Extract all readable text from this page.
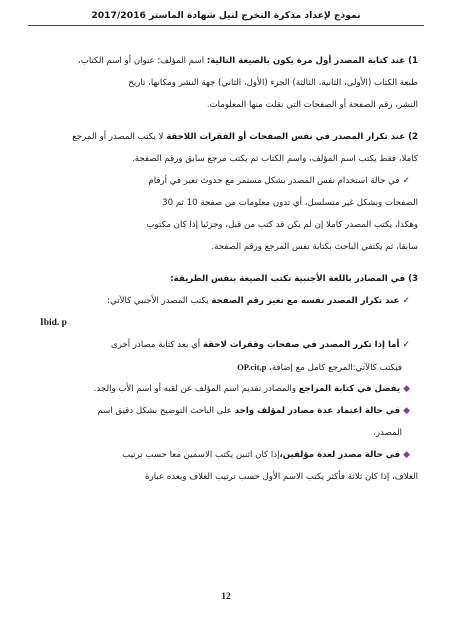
نموذج لإعداد مذكرة التخرج لنيل شهادة الماستر 2017/2016
1)عند كتابة المصدر أول مرة يكون بالصيغة التالية: اسم المؤلف؛ عنوان أو اسم الكتاب،
طبعة الكتاب (الأولى، الثانية، الثالثة) الجزء (الأول، الثاني) جهة النشر ومكانها، تاريخ
النشر، رقم الصفحة أو الصفحات التي نقلت منها المعلومات.
2)عند تكرار المصدر في نفس الصفحات أو الفقرات اللاحقة لا يكتب المصدر أو المرجع
كاملا، فقط يكتب اسم المؤلف، واسم الكتاب ثم يكتب مرجع سابق ورقم الصفحة.
✓في حالة استخدام نفس المصدر بشكل مستمر مع حدوث تغير في أرقام
الصفحات وبشكل غير متسلسل، أي تدون معلومات من صفحة 10 ثم 30
وهكذا، يكتب المصدر كاملا إن لم يكن قد كتب من قبل، وجزئيا إذا كان مكتوب
سابقا، ثم يكتفي الباحث بكتابة نفس المرجع ورقم الصفحة.
3)في المصادر باللغة الأجنبية تكتب الصيغة بنفس الطريقة:
✓عند تكرار المصدر نفسه مع تغير رقم الصفحة يكتب المصدر الأجنبي كالآتي:
Ibid. p
✓أما إذا تكرر المصدر في صفحات وفقرات لاحقة أي بعد كتابة مصادر أخرى
فيكتب كالآتي:المرجع كامل مع إضافة، OP.cit,p
◆يفضل في كتابة المراجع والمصادر تقديم اسم المؤلف عن لقبه أو اسم الأب والجد.
◆في حالة اعتماد عدة مصادر لمؤلف واحد على الباحث التوضيح بشكل دقيق اسم
المصدر.
◆في حالة مصدر لعدة مؤلفين،إذا كان اثنين يكتب الاسمين معا حسب ترتيب
الغلاف، إذا كان ثلاثة فأكثر يكتب الاسم الأول حسب ترتيب الغلاف وبعده عبارة
12
